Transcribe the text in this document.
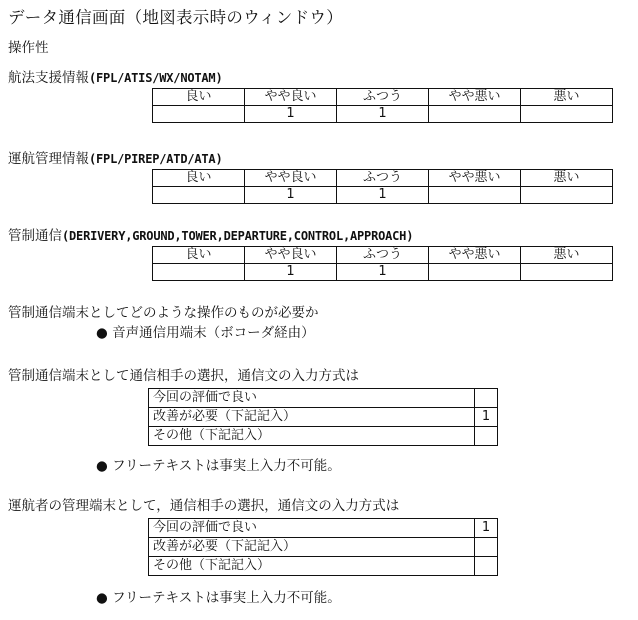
データ通信画面（地図表示時のウィンドウ）
操作性
航法支援情報(FPL/ATIS/WX/NOTAM)
良い	やや良い	ふつう	やや悪い	悪い
	1	1		
運航管理情報(FPL/PIREP/ATD/ATA)
良い	やや良い	ふつう	やや悪い	悪い
	1	1		
管制通信(DERIVERY,GROUND,TOWER,DEPARTURE,CONTROL,APPROACH)
良い	やや良い	ふつう	やや悪い	悪い
	1	1		
管制通信端末としてどのような操作のものが必要か
● 音声通信用端末（ボコーダ経由）
管制通信端末として通信相手の選択，通信文の入力方式は
今回の評価で良い	
改善が必要（下記記入）	1
その他（下記記入）	
● フリーテキストは事実上入力不可能。
運航者の管理端末として，通信相手の選択，通信文の入力方式は
今回の評価で良い	1
改善が必要（下記記入）	
その他（下記記入）	
● フリーテキストは事実上入力不可能。
